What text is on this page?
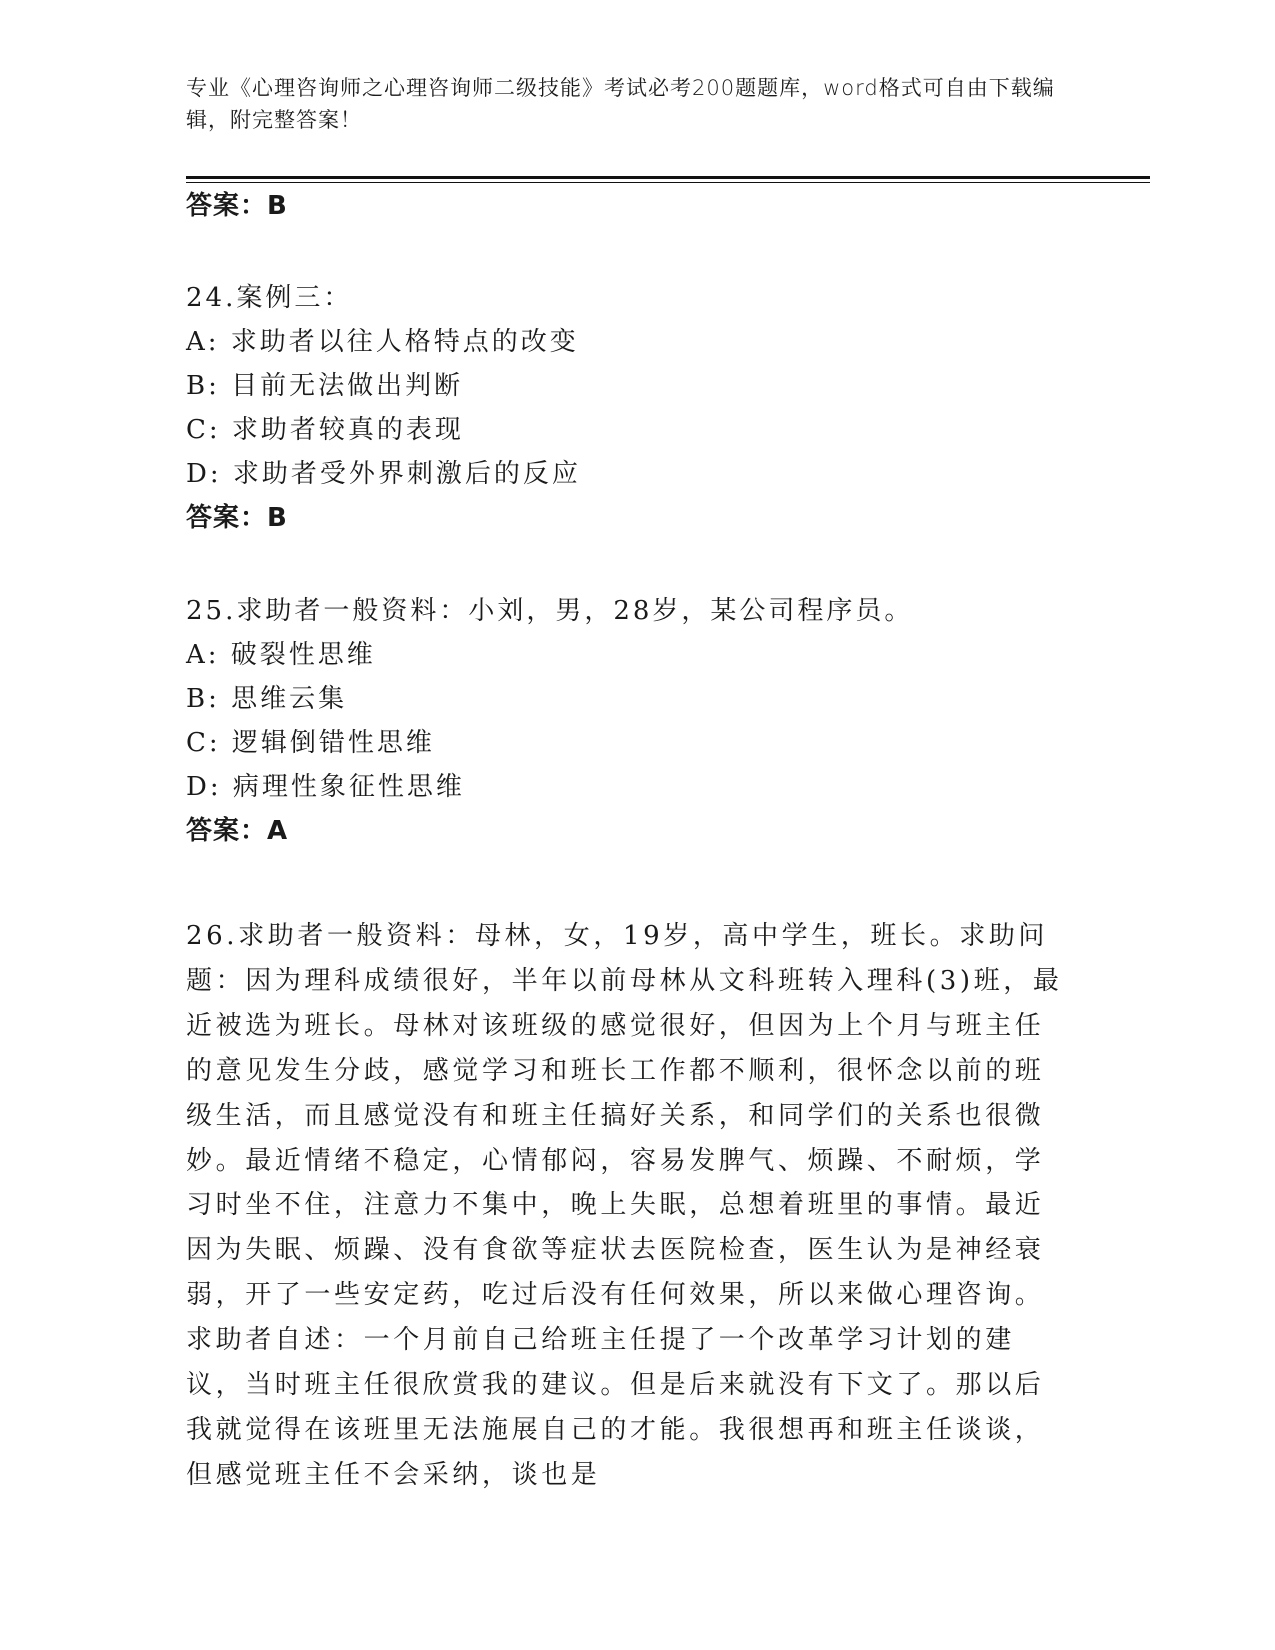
专业《心理咨询师之心理咨询师二级技能》考试必考200题题库，word格式可自由下载编辑，附完整答案！
答案：B
24.案例三：
A: 求助者以往人格特点的改变
B: 目前无法做出判断
C: 求助者较真的表现
D: 求助者受外界刺激后的反应
答案：B
25.求助者一般资料：小刘，男，28岁，某公司程序员。
A: 破裂性思维
B: 思维云集
C: 逻辑倒错性思维
D: 病理性象征性思维
答案：A
26.求助者一般资料：母林，女，19岁，高中学生，班长。求助问题：因为理科成绩很好，半年以前母林从文科班转入理科(3)班，最近被选为班长。母林对该班级的感觉很好，但因为上个月与班主任的意见发生分歧，感觉学习和班长工作都不顺利，很怀念以前的班级生活，而且感觉没有和班主任搞好关系，和同学们的关系也很微妙。最近情绪不稳定，心情郁闷，容易发脾气、烦躁、不耐烦，学习时坐不住，注意力不集中，晚上失眠，总想着班里的事情。最近因为失眠、烦躁、没有食欲等症状去医院检查，医生认为是神经衰弱，开了一些安定药，吃过后没有任何效果，所以来做心理咨询。求助者自述：一个月前自己给班主任提了一个改革学习计划的建议，当时班主任很欣赏我的建议。但是后来就没有下文了。那以后我就觉得在该班里无法施展自己的才能。我很想再和班主任谈谈，但感觉班主任不会采纳，谈也是
